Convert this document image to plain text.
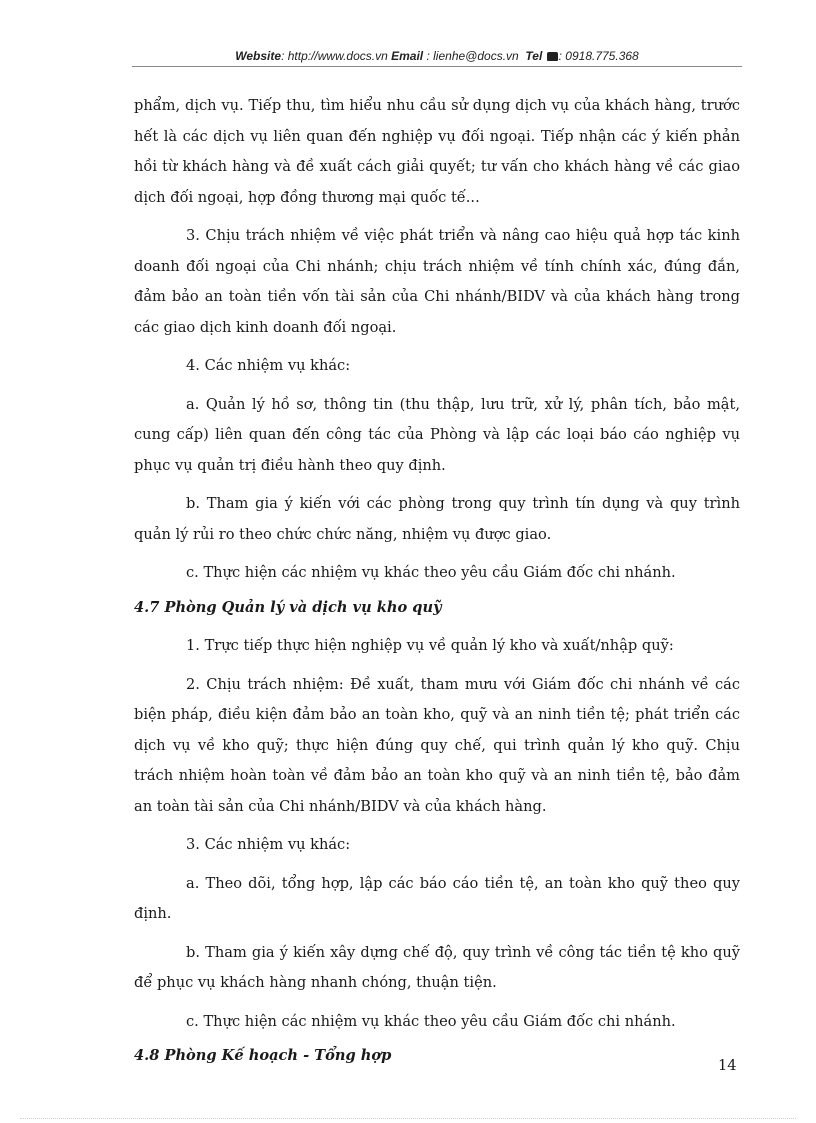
Website: http://www.docs.vn Email : lienhe@docs.vn Tel : 0918.775.368

phẩm, dịch vụ. Tiếp thu, tìm hiểu nhu cầu sử dụng dịch vụ của khách hàng, trước hết là các dịch vụ liên quan đến nghiệp vụ đối ngoại. Tiếp nhận các ý kiến phản hồi từ khách hàng và đề xuất cách giải quyết; tư vấn cho khách hàng về các giao dịch đối ngoại, hợp đồng thương mại quốc tế...

3. Chịu trách nhiệm về việc phát triển và nâng cao hiệu quả hợp tác kinh doanh đối ngoại của Chi nhánh; chịu trách nhiệm về tính chính xác, đúng đắn, đảm bảo an toàn tiền vốn tài sản của Chi nhánh/BIDV và của khách hàng trong các giao dịch kinh doanh đối ngoại.

4. Các nhiệm vụ khác:

a. Quản lý hồ sơ, thông tin (thu thập, lưu trữ, xử lý, phân tích, bảo mật, cung cấp) liên quan đến công tác của Phòng và lập các loại báo cáo nghiệp vụ phục vụ quản trị điều hành theo quy định.

b. Tham gia ý kiến với các phòng trong quy trình tín dụng và quy trình quản lý rủi ro theo chức chức năng, nhiệm vụ được giao.

c. Thực hiện các nhiệm vụ khác theo yêu cầu Giám đốc chi nhánh.

4.7 Phòng Quản lý và dịch vụ kho quỹ

1. Trực tiếp thực hiện nghiệp vụ về quản lý kho và xuất/nhập quỹ:

2. Chịu trách nhiệm: Đề xuất, tham mưu với Giám đốc chi nhánh về các biện pháp, điều kiện đảm bảo an toàn kho, quỹ và an ninh tiền tệ; phát triển các dịch vụ về kho quỹ; thực hiện đúng quy chế, qui trình quản lý kho quỹ. Chịu trách nhiệm hoàn toàn về đảm bảo an toàn kho quỹ và an ninh tiền tệ, bảo đảm an toàn tài sản của Chi nhánh/BIDV và của khách hàng.

3. Các nhiệm vụ khác:

a. Theo dõi, tổng hợp, lập các báo cáo tiền tệ, an toàn kho quỹ theo quy định.

b. Tham gia ý kiến xây dựng chế độ, quy trình về công tác tiền tệ kho quỹ để phục vụ khách hàng nhanh chóng, thuận tiện.

c. Thực hiện các nhiệm vụ khác theo yêu cầu Giám đốc chi nhánh.

4.8 Phòng Kế hoạch - Tổng hợp
14
